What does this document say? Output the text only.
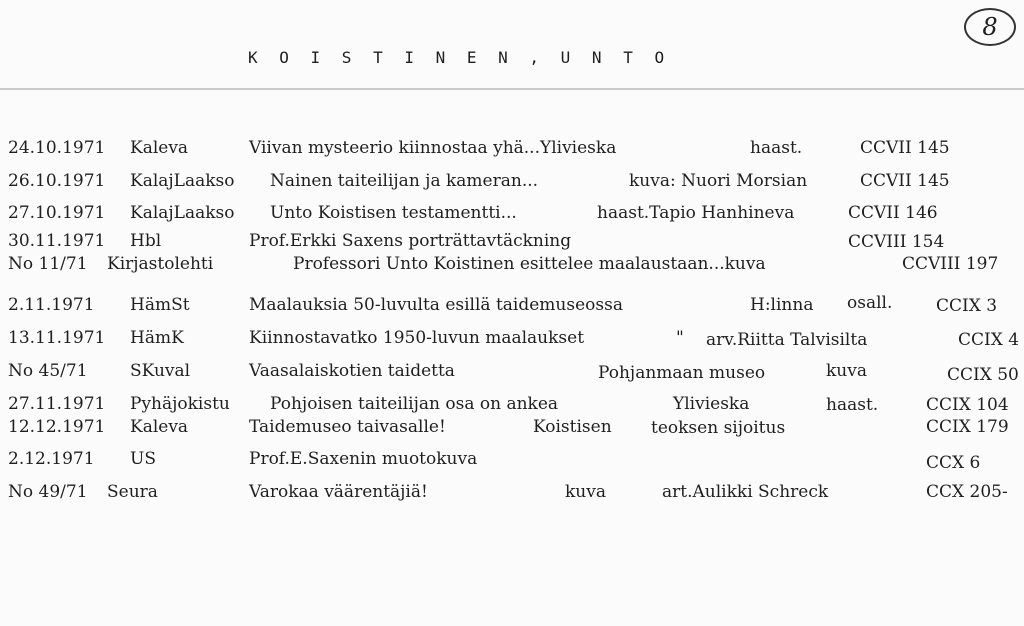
K O I S T I N E N , U N T O
8
24.10.1971 Kaleva	Viivan mysteerio kiinnostaa yhä...Ylivieska	haast.	CCVII 145
26.10.1971 KalajLaakso Nainen taiteilijan ja kameran...	kuva: Nuori Morsian	CCVII 145
27.10.1971 KalajLaakso Unto Koistisen testamentti...	haast.Tapio Hanhineva	CCVII 146
30.11.1971 Hbl	Prof.Erkki Saxens porträttavtäckning	CCVIII 154
No 11/71 Kirjastolehti	Professori Unto Koistinen esittelee maalaustaan...kuva	CCVIII 197
2.11.1971 HämSt	Maalauksia 50-luvulta esillä taidemuseossa	H:linna osall.	CCIX 3
13.11.1971 HämK	Kiinnostavatko 1950-luvun maalaukset	" arv.Riitta Talvisilta	CCIX 4
No 45/71 SKuval	Vaasalaiskotien taidetta	Pohjanmaan museo	kuva	CCIX 50
27.11.1971 Pyhäjokistu Pohjoisen taiteilijan osa on ankea	Ylivieska	haast.	CCIX 104
12.12.1971 Kaleva	Taidemuseo taivasalle!	Koistisen teoksen sijoitus	CCIX 179
2.12.1971 US	Prof.E.Saxenin muotokuva	CCX 6
No 49/71 Seura	Varokaa väärentäjiä!	kuva	art.Aulikki Schreck	CCX 205-
